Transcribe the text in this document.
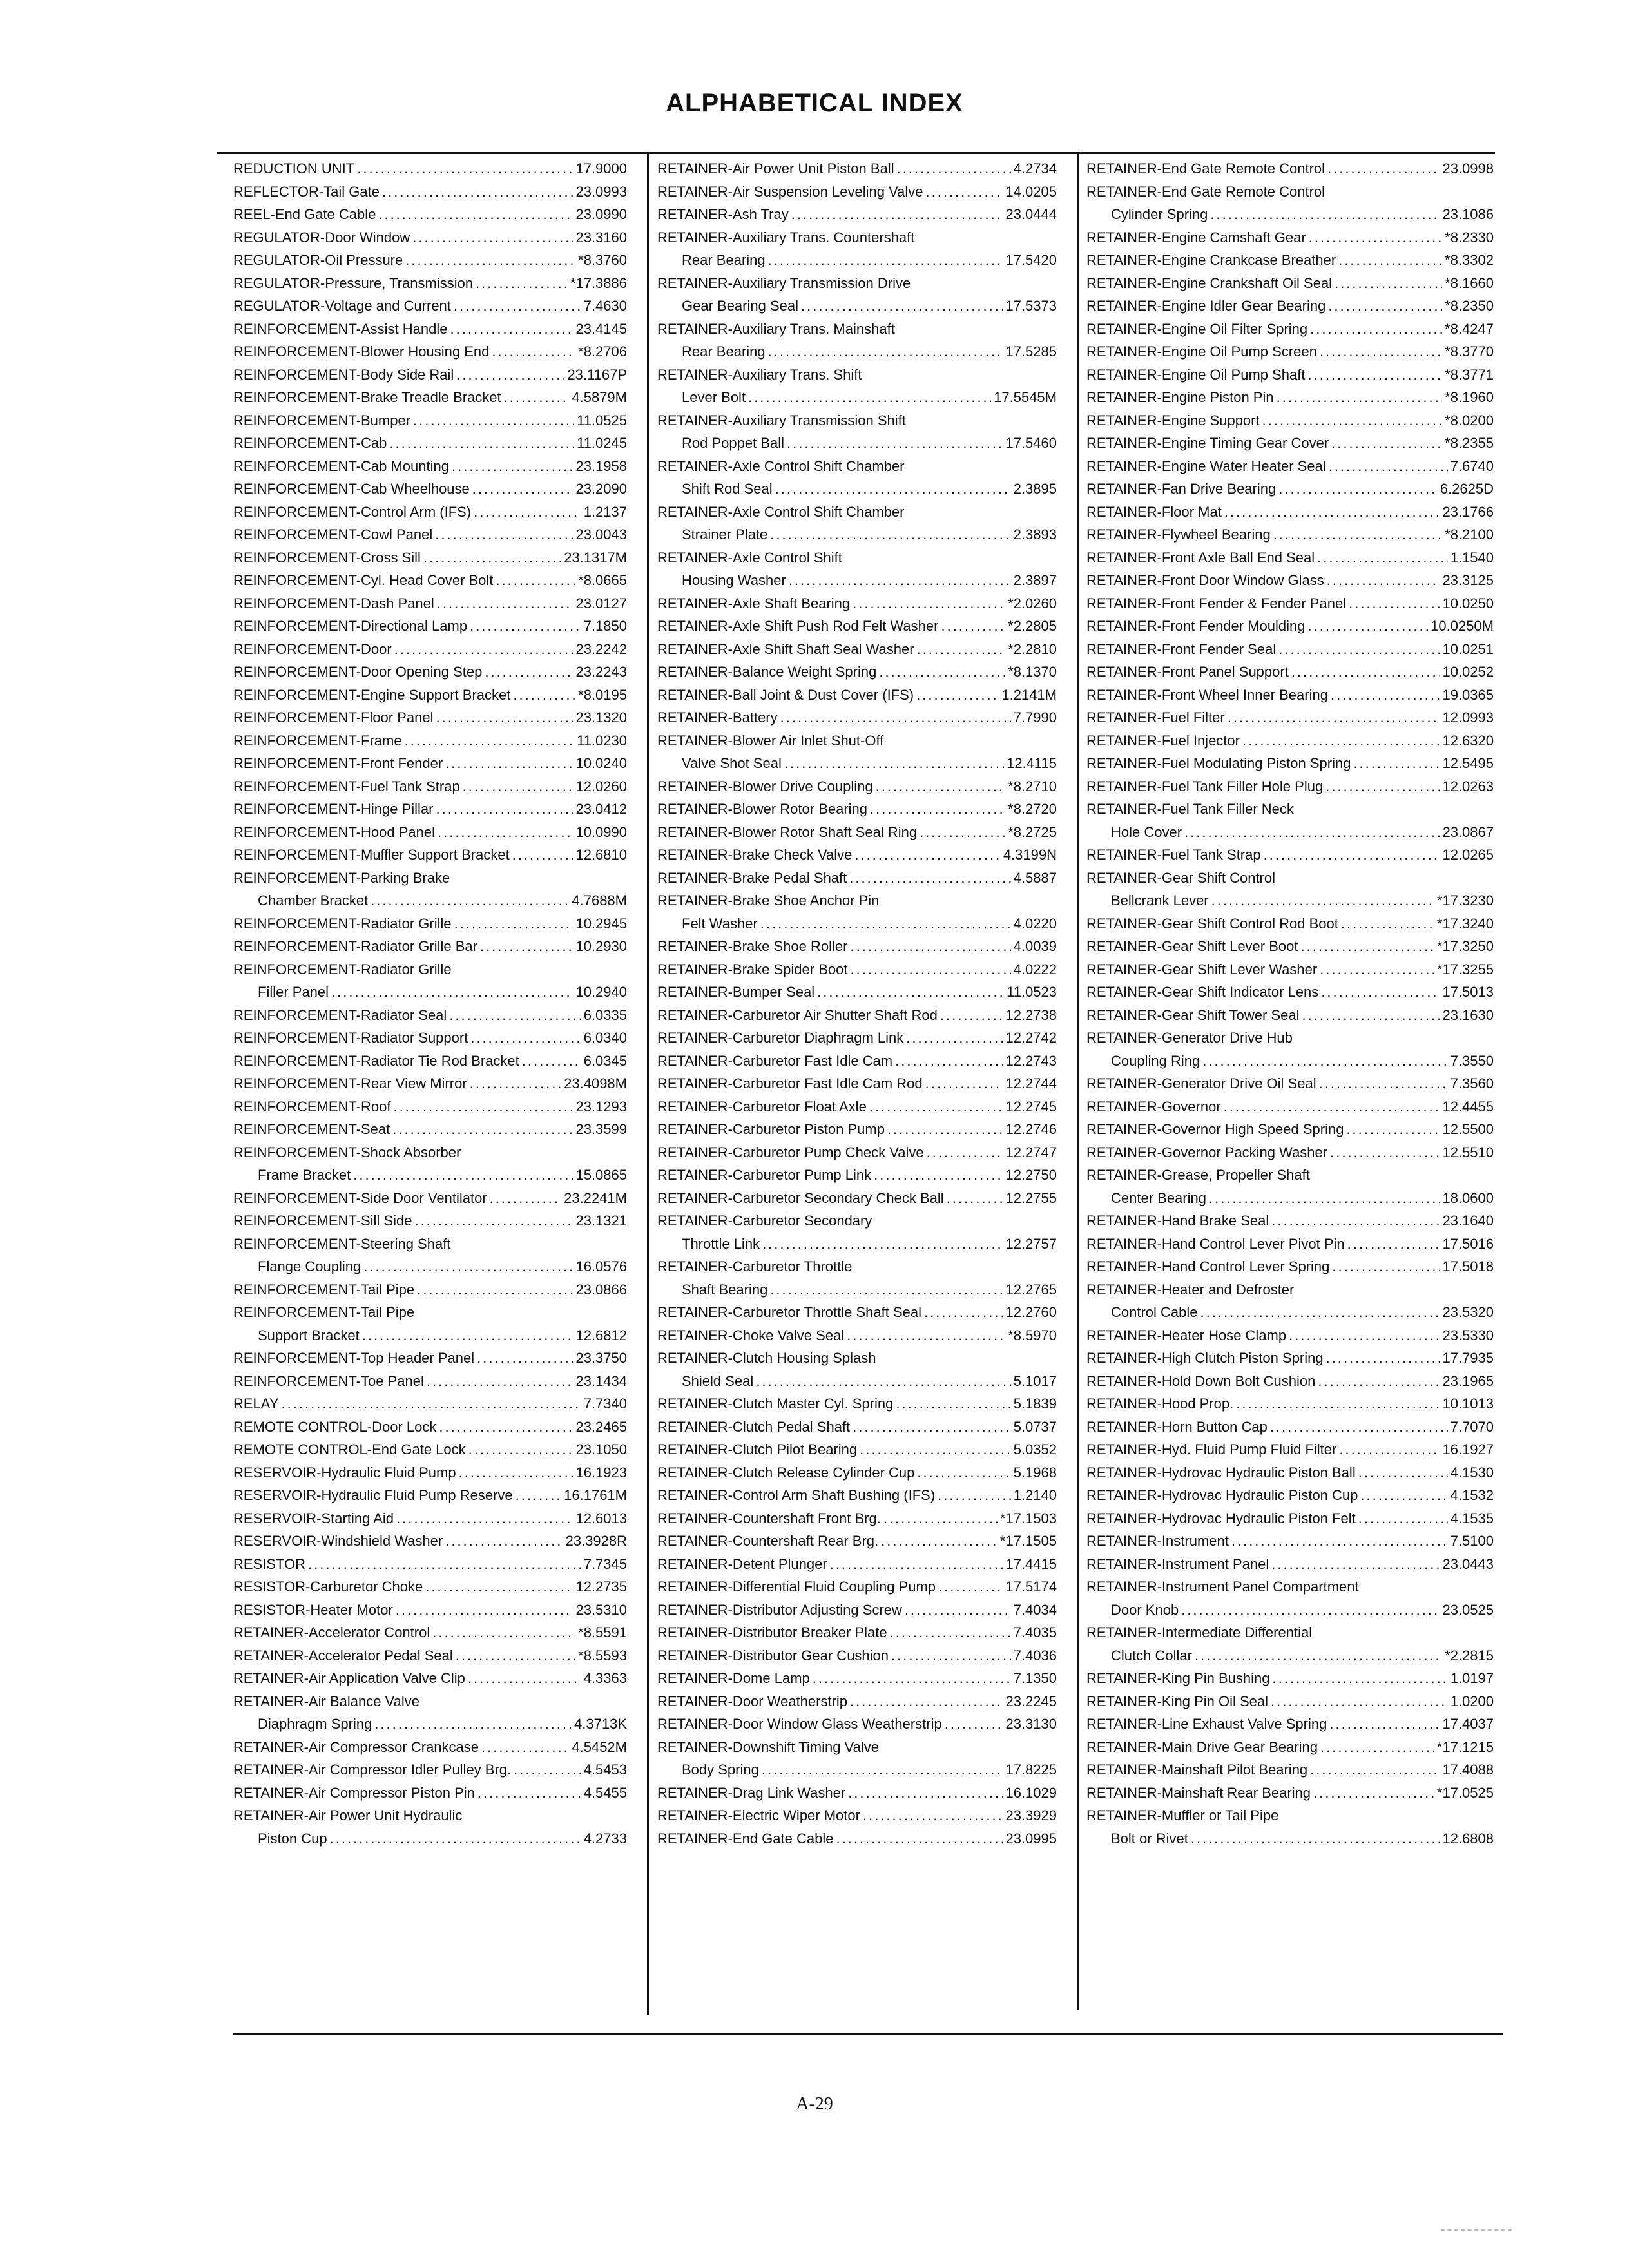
ALPHABETICAL INDEX
REDUCTION UNIT .....	17.9000
REFLECTOR-Tail Gate .....	23.0993
REEL-End Gate Cable .....	23.0990
REGULATOR-Door Window .....	23.3160
REGULATOR-Oil Pressure .....	*8.3760
REGULATOR-Pressure, Transmission .....	*17.3886
REGULATOR-Voltage and Current .....	7.4630
REINFORCEMENT-Assist Handle .....	23.4145
REINFORCEMENT-Blower Housing End .....	*8.2706
REINFORCEMENT-Body Side Rail .....	23.1167P
REINFORCEMENT-Brake Treadle Bracket .....	4.5879M
REINFORCEMENT-Bumper .....	11.0525
REINFORCEMENT-Cab .....	11.0245
REINFORCEMENT-Cab Mounting .....	23.1958
REINFORCEMENT-Cab Wheelhouse .....	23.2090
REINFORCEMENT-Control Arm (IFS) .....	1.2137
REINFORCEMENT-Cowl Panel .....	23.0043
REINFORCEMENT-Cross Sill .....	23.1317M
REINFORCEMENT-Cyl. Head Cover Bolt .....	*8.0665
REINFORCEMENT-Dash Panel .....	23.0127
REINFORCEMENT-Directional Lamp .....	7.1850
REINFORCEMENT-Door .....	23.2242
REINFORCEMENT-Door Opening Step .....	23.2243
REINFORCEMENT-Engine Support Bracket .....	*8.0195
REINFORCEMENT-Floor Panel .....	23.1320
REINFORCEMENT-Frame .....	11.0230
REINFORCEMENT-Front Fender .....	10.0240
REINFORCEMENT-Fuel Tank Strap .....	12.0260
REINFORCEMENT-Hinge Pillar .....	23.0412
REINFORCEMENT-Hood Panel .....	10.0990
REINFORCEMENT-Muffler Support Bracket .....	12.6810
REINFORCEMENT-Parking Brake
Chamber Bracket .....	4.7688M
REINFORCEMENT-Radiator Grille .....	10.2945
REINFORCEMENT-Radiator Grille Bar .....	10.2930
REINFORCEMENT-Radiator Grille
Filler Panel .....	10.2940
REINFORCEMENT-Radiator Seal .....	6.0335
REINFORCEMENT-Radiator Support .....	6.0340
REINFORCEMENT-Radiator Tie Rod Bracket .....	6.0345
REINFORCEMENT-Rear View Mirror .....	23.4098M
REINFORCEMENT-Roof .....	23.1293
REINFORCEMENT-Seat .....	23.3599
REINFORCEMENT-Shock Absorber
Frame Bracket .....	15.0865
REINFORCEMENT-Side Door Ventilator .....	23.2241M
REINFORCEMENT-Sill Side .....	23.1321
REINFORCEMENT-Steering Shaft
Flange Coupling .....	16.0576
REINFORCEMENT-Tail Pipe .....	23.0866
REINFORCEMENT-Tail Pipe
Support Bracket .....	12.6812
REINFORCEMENT-Top Header Panel .....	23.3750
REINFORCEMENT-Toe Panel .....	23.1434
RELAY .....	7.7340
REMOTE CONTROL-Door Lock .....	23.2465
REMOTE CONTROL-End Gate Lock .....	23.1050
RESERVOIR-Hydraulic Fluid Pump .....	16.1923
RESERVOIR-Hydraulic Fluid Pump Reserve .....	16.1761M
RESERVOIR-Starting Aid .....	12.6013
RESERVOIR-Windshield Washer .....	23.3928R
RESISTOR .....	7.7345
RESISTOR-Carburetor Choke .....	12.2735
RESISTOR-Heater Motor .....	23.5310
RETAINER-Accelerator Control .....	*8.5591
RETAINER-Accelerator Pedal Seal .....	*8.5593
RETAINER-Air Application Valve Clip .....	4.3363
RETAINER-Air Balance Valve
Diaphragm Spring .....	4.3713K
RETAINER-Air Compressor Crankcase .....	4.5452M
RETAINER-Air Compressor Idler Pulley Brg. .....	4.5453
RETAINER-Air Compressor Piston Pin .....	4.5455
RETAINER-Air Power Unit Hydraulic
Piston Cup .....	4.2733
RETAINER-Air Power Unit Piston Ball .....	4.2734
RETAINER-Air Suspension Leveling Valve .....	14.0205
RETAINER-Ash Tray .....	23.0444
RETAINER-Auxiliary Trans. Countershaft
Rear Bearing .....	17.5420
RETAINER-Auxiliary Transmission Drive
Gear Bearing Seal .....	17.5373
RETAINER-Auxiliary Trans. Mainshaft
Rear Bearing .....	17.5285
RETAINER-Auxiliary Trans. Shift
Lever Bolt .....	17.5545M
RETAINER-Auxiliary Transmission Shift
Rod Poppet Ball .....	17.5460
RETAINER-Axle Control Shift Chamber
Shift Rod Seal .....	2.3895
RETAINER-Axle Control Shift Chamber
Strainer Plate .....	2.3893
RETAINER-Axle Control Shift
Housing Washer .....	2.3897
RETAINER-Axle Shaft Bearing .....	*2.0260
RETAINER-Axle Shift Push Rod Felt Washer .....	*2.2805
RETAINER-Axle Shift Shaft Seal Washer .....	*2.2810
RETAINER-Balance Weight Spring .....	*8.1370
RETAINER-Ball Joint & Dust Cover (IFS) .....	1.2141M
RETAINER-Battery .....	7.7990
RETAINER-Blower Air Inlet Shut-Off
Valve Shot Seal .....	12.4115
RETAINER-Blower Drive Coupling .....	*8.2710
RETAINER-Blower Rotor Bearing .....	*8.2720
RETAINER-Blower Rotor Shaft Seal Ring .....	*8.2725
RETAINER-Brake Check Valve .....	4.3199N
RETAINER-Brake Pedal Shaft .....	4.5887
RETAINER-Brake Shoe Anchor Pin
Felt Washer .....	4.0220
RETAINER-Brake Shoe Roller .....	4.0039
RETAINER-Brake Spider Boot .....	4.0222
RETAINER-Bumper Seal .....	11.0523
RETAINER-Carburetor Air Shutter Shaft Rod .....	12.2738
RETAINER-Carburetor Diaphragm Link .....	12.2742
RETAINER-Carburetor Fast Idle Cam .....	12.2743
RETAINER-Carburetor Fast Idle Cam Rod .....	12.2744
RETAINER-Carburetor Float Axle .....	12.2745
RETAINER-Carburetor Piston Pump .....	12.2746
RETAINER-Carburetor Pump Check Valve .....	12.2747
RETAINER-Carburetor Pump Link .....	12.2750
RETAINER-Carburetor Secondary Check Ball .....	12.2755
RETAINER-Carburetor Secondary
Throttle Link .....	12.2757
RETAINER-Carburetor Throttle
Shaft Bearing .....	12.2765
RETAINER-Carburetor Throttle Shaft Seal .....	12.2760
RETAINER-Choke Valve Seal .....	*8.5970
RETAINER-Clutch Housing Splash
Shield Seal .....	5.1017
RETAINER-Clutch Master Cyl. Spring .....	5.1839
RETAINER-Clutch Pedal Shaft .....	5.0737
RETAINER-Clutch Pilot Bearing .....	5.0352
RETAINER-Clutch Release Cylinder Cup .....	5.1968
RETAINER-Control Arm Shaft Bushing (IFS) .....	1.2140
RETAINER-Countershaft Front Brg. .....	*17.1503
RETAINER-Countershaft Rear Brg. .....	*17.1505
RETAINER-Detent Plunger .....	17.4415
RETAINER-Differential Fluid Coupling Pump .....	17.5174
RETAINER-Distributor Adjusting Screw .....	7.4034
RETAINER-Distributor Breaker Plate .....	7.4035
RETAINER-Distributor Gear Cushion .....	7.4036
RETAINER-Dome Lamp .....	7.1350
RETAINER-Door Weatherstrip .....	23.2245
RETAINER-Door Window Glass Weatherstrip .....	23.3130
RETAINER-Downshift Timing Valve
Body Spring .....	17.8225
RETAINER-Drag Link Washer .....	16.1029
RETAINER-Electric Wiper Motor .....	23.3929
RETAINER-End Gate Cable .....	23.0995
RETAINER-End Gate Remote Control .....	23.0998
RETAINER-End Gate Remote Control
Cylinder Spring .....	23.1086
RETAINER-Engine Camshaft Gear .....	*8.2330
RETAINER-Engine Crankcase Breather .....	*8.3302
RETAINER-Engine Crankshaft Oil Seal .....	*8.1660
RETAINER-Engine Idler Gear Bearing .....	*8.2350
RETAINER-Engine Oil Filter Spring .....	*8.4247
RETAINER-Engine Oil Pump Screen .....	*8.3770
RETAINER-Engine Oil Pump Shaft .....	*8.3771
RETAINER-Engine Piston Pin .....	*8.1960
RETAINER-Engine Support .....	*8.0200
RETAINER-Engine Timing Gear Cover .....	*8.2355
RETAINER-Engine Water Heater Seal .....	7.6740
RETAINER-Fan Drive Bearing .....	6.2625D
RETAINER-Floor Mat .....	23.1766
RETAINER-Flywheel Bearing .....	*8.2100
RETAINER-Front Axle Ball End Seal .....	1.1540
RETAINER-Front Door Window Glass .....	23.3125
RETAINER-Front Fender & Fender Panel .....	10.0250
RETAINER-Front Fender Moulding .....	10.0250M
RETAINER-Front Fender Seal .....	10.0251
RETAINER-Front Panel Support .....	10.0252
RETAINER-Front Wheel Inner Bearing .....	19.0365
RETAINER-Fuel Filter .....	12.0993
RETAINER-Fuel Injector .....	12.6320
RETAINER-Fuel Modulating Piston Spring .....	12.5495
RETAINER-Fuel Tank Filler Hole Plug .....	12.0263
RETAINER-Fuel Tank Filler Neck
Hole Cover .....	23.0867
RETAINER-Fuel Tank Strap .....	12.0265
RETAINER-Gear Shift Control
Bellcrank Lever .....	*17.3230
RETAINER-Gear Shift Control Rod Boot .....	*17.3240
RETAINER-Gear Shift Lever Boot .....	*17.3250
RETAINER-Gear Shift Lever Washer .....	*17.3255
RETAINER-Gear Shift Indicator Lens .....	17.5013
RETAINER-Gear Shift Tower Seal .....	23.1630
RETAINER-Generator Drive Hub
Coupling Ring .....	7.3550
RETAINER-Generator Drive Oil Seal .....	7.3560
RETAINER-Governor .....	12.4455
RETAINER-Governor High Speed Spring .....	12.5500
RETAINER-Governor Packing Washer .....	12.5510
RETAINER-Grease, Propeller Shaft
Center Bearing .....	18.0600
RETAINER-Hand Brake Seal .....	23.1640
RETAINER-Hand Control Lever Pivot Pin .....	17.5016
RETAINER-Hand Control Lever Spring .....	17.5018
RETAINER-Heater and Defroster
Control Cable .....	23.5320
RETAINER-Heater Hose Clamp .....	23.5330
RETAINER-High Clutch Piston Spring .....	17.7935
RETAINER-Hold Down Bolt Cushion .....	23.1965
RETAINER-Hood Prop. .....	10.1013
RETAINER-Horn Button Cap .....	7.7070
RETAINER-Hyd. Fluid Pump Fluid Filter .....	16.1927
RETAINER-Hydrovac Hydraulic Piston Ball .....	4.1530
RETAINER-Hydrovac Hydraulic Piston Cup .....	4.1532
RETAINER-Hydrovac Hydraulic Piston Felt .....	4.1535
RETAINER-Instrument .....	7.5100
RETAINER-Instrument Panel .....	23.0443
RETAINER-Instrument Panel Compartment
Door Knob .....	23.0525
RETAINER-Intermediate Differential
Clutch Collar .....	*2.2815
RETAINER-King Pin Bushing .....	1.0197
RETAINER-King Pin Oil Seal .....	1.0200
RETAINER-Line Exhaust Valve Spring .....	17.4037
RETAINER-Main Drive Gear Bearing .....	*17.1215
RETAINER-Mainshaft Pilot Bearing .....	17.4088
RETAINER-Mainshaft Rear Bearing .....	*17.0525
RETAINER-Muffler or Tail Pipe
Bolt or Rivet .....	12.6808
A-29
